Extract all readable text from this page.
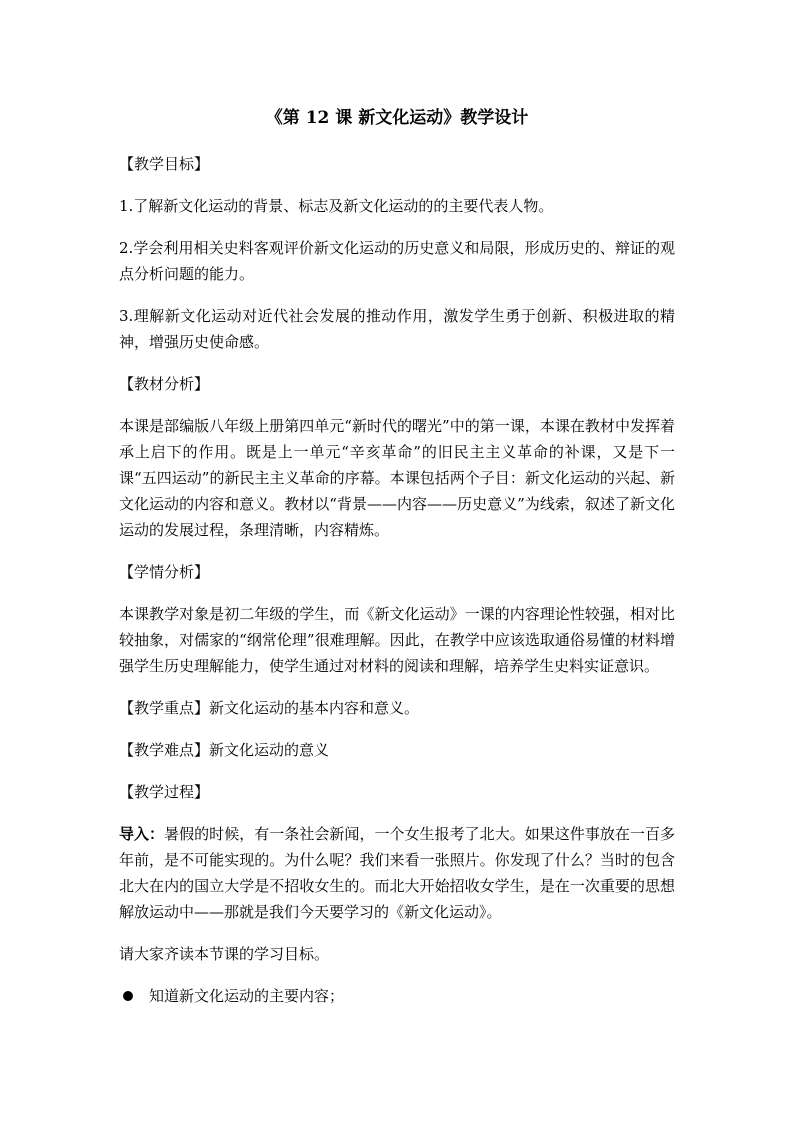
《第 12 课 新文化运动》教学设计
【教学目标】
1.了解新文化运动的背景、标志及新文化运动的的主要代表人物。
2.学会利用相关史料客观评价新文化运动的历史意义和局限，形成历史的、辩证的观点分析问题的能力。
3.理解新文化运动对近代社会发展的推动作用，激发学生勇于创新、积极进取的精神，增强历史使命感。
【教材分析】
本课是部编版八年级上册第四单元“新时代的曙光”中的第一课，本课在教材中发挥着承上启下的作用。既是上一单元“辛亥革命”的旧民主主义革命的补课，又是下一课“五四运动”的新民主主义革命的序幕。本课包括两个子目：新文化运动的兴起、新文化运动的内容和意义。教材以“背景——内容——历史意义”为线索，叙述了新文化运动的发展过程，条理清晰，内容精炼。
【学情分析】
本课教学对象是初二年级的学生，而《新文化运动》一课的内容理论性较强，相对比较抽象，对儒家的“纲常伦理”很难理解。因此，在教学中应该选取通俗易懂的材料增强学生历史理解能力，使学生通过对材料的阅读和理解，培养学生史料实证意识。
【教学重点】新文化运动的基本内容和意义。
【教学难点】新文化运动的意义
【教学过程】
导入：暑假的时候，有一条社会新闻，一个女生报考了北大。如果这件事放在一百多年前，是不可能实现的。为什么呢？我们来看一张照片。你发现了什么？当时的包含北大在内的国立大学是不招收女生的。而北大开始招收女学生，是在一次重要的思想解放运动中——那就是我们今天要学习的《新文化运动》。
请大家齐读本节课的学习目标。
知道新文化运动的主要内容；
